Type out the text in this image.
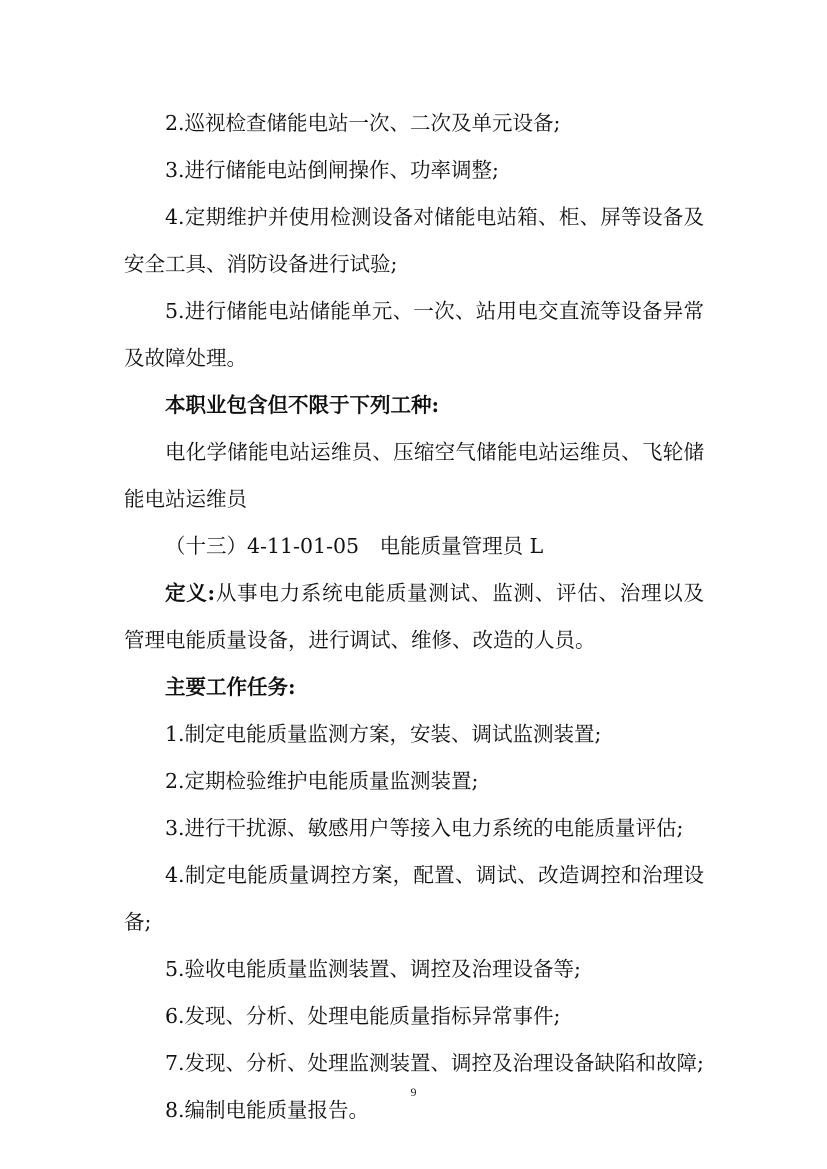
2.巡视检查储能电站一次、二次及单元设备;

3.进行储能电站倒闸操作、功率调整;

4.定期维护并使用检测设备对储能电站箱、柜、屏等设备及安全工具、消防设备进行试验;

5.进行储能电站储能单元、一次、站用电交直流等设备异常及故障处理。

本职业包含但不限于下列工种:

电化学储能电站运维员、压缩空气储能电站运维员、飞轮储能电站运维员

（十三）4-11-01-05　电能质量管理员 L

定义:从事电力系统电能质量测试、监测、评估、治理以及管理电能质量设备，进行调试、维修、改造的人员。

主要工作任务:

1.制定电能质量监测方案，安装、调试监测装置;

2.定期检验维护电能质量监测装置;

3.进行干扰源、敏感用户等接入电力系统的电能质量评估;

4.制定电能质量调控方案，配置、调试、改造调控和治理设备;

5.验收电能质量监测装置、调控及治理设备等;

6.发现、分析、处理电能质量指标异常事件;

7.发现、分析、处理监测装置、调控及治理设备缺陷和故障;

8.编制电能质量报告。

9
